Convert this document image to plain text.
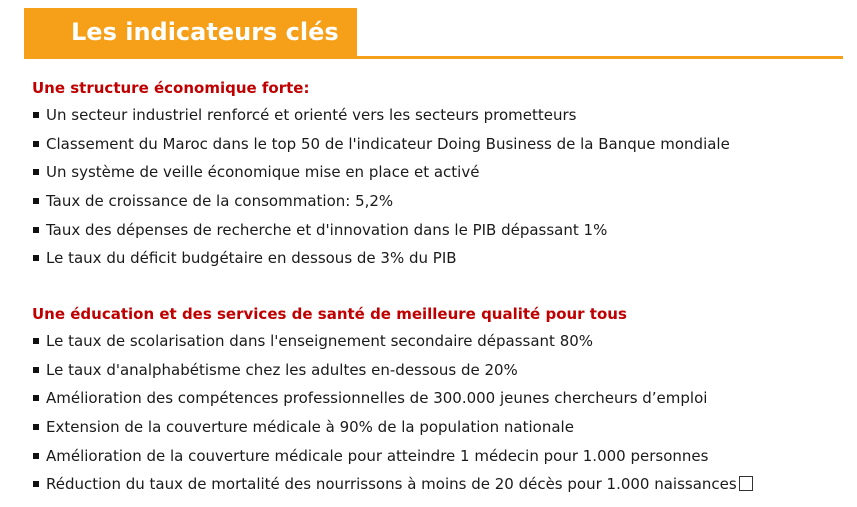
Les indicateurs clés
Une structure économique forte:
Un secteur industriel renforcé et orienté vers les secteurs prometteurs
Classement du Maroc dans le top 50 de l'indicateur Doing Business de la Banque mondiale
Un système de veille économique mise en place et activé
Taux de croissance de la consommation: 5,2%
Taux des dépenses de recherche et d'innovation dans le PIB dépassant 1%
Le taux du déficit budgétaire en dessous de 3% du PIB
Une éducation et des services de santé de meilleure qualité pour tous
Le taux de scolarisation dans l'enseignement secondaire dépassant 80%
Le taux d'analphabétisme chez les adultes en-dessous de 20%
Amélioration des compétences professionnelles de 300.000 jeunes chercheurs d’emploi
Extension de la couverture médicale à 90% de la population nationale
Amélioration de la couverture médicale pour atteindre 1 médecin pour 1.000 personnes
Réduction du taux de mortalité des nourrissons à moins de 20 décès pour 1.000 naissances
